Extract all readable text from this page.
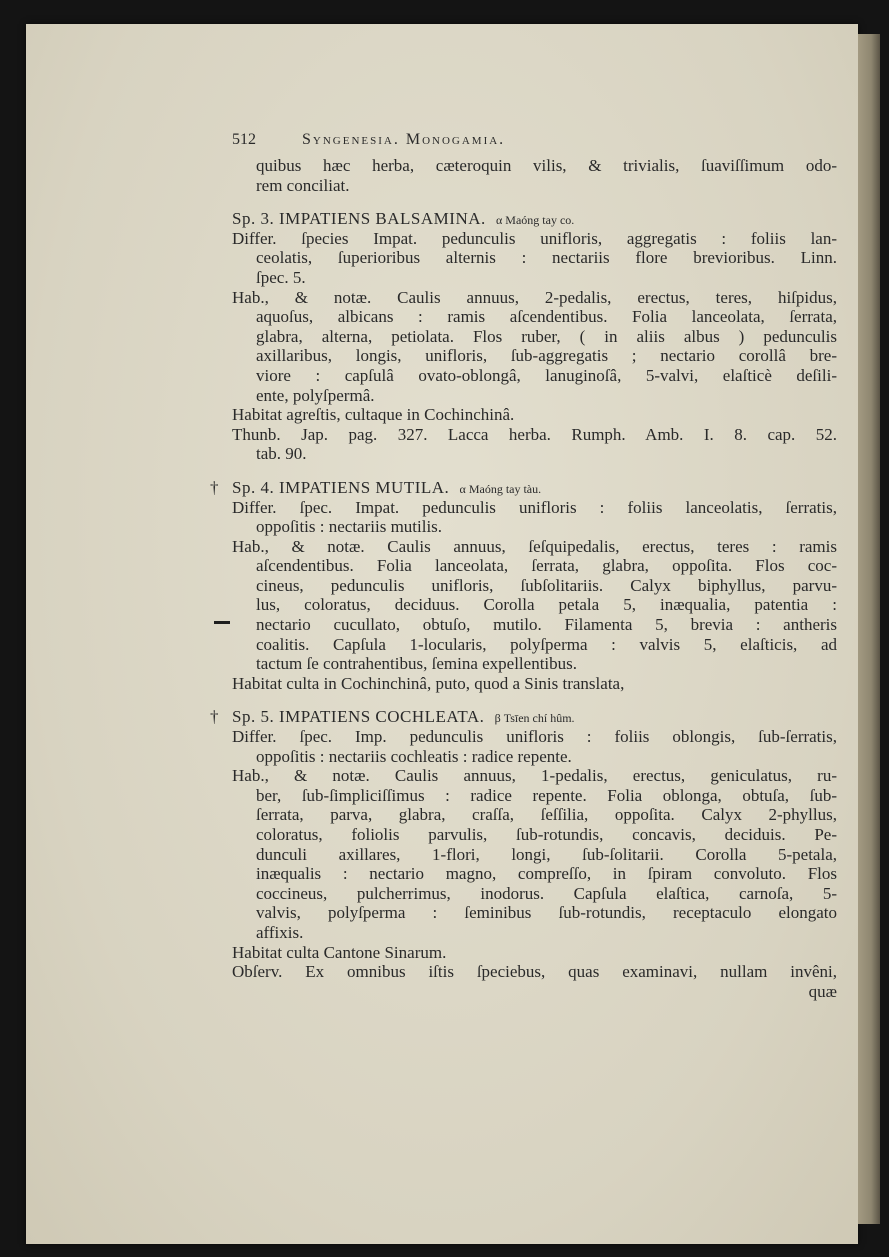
512	Syngenesia. Monogamia.
quibus hæc herba, cæteroquin vilis, & trivialis, ſuaviſſimum odo-
rem conciliat.
Sp. 3. IMPATIENS BALSAMINA. α Maóng tay co.
Differ. ſpecies Impat. pedunculis unifloris, aggregatis : foliis lan-
ceolatis, ſuperioribus alternis : nectariis flore brevioribus. Linn.
ſpec. 5.
Hab., & notæ. Caulis annuus, 2-pedalis, erectus, teres, hiſpidus,
aquoſus, albicans : ramis aſcendentibus. Folia lanceolata, ſerrata,
glabra, alterna, petiolata. Flos ruber, ( in aliis albus ) pedunculis
axillaribus, longis, unifloris, ſub-aggregatis ; nectario corollâ bre-
viore : capſulâ ovato-oblongâ, lanuginoſâ, 5-valvi, elaſticè deſili-
ente, polyſpermâ.
Habitat agreſtis, cultaque in Cochinchinâ.
Thunb. Jap. pag. 327. Lacca herba. Rumph. Amb. I. 8. cap. 52.
tab. 90.
† Sp. 4. IMPATIENS MUTILA. α Maóng tay tàu.
Differ. ſpec. Impat. pedunculis unifloris : foliis lanceolatis, ſerratis,
oppoſitis : nectariis mutilis.
Hab., & notæ. Caulis annuus, ſeſquipedalis, erectus, teres : ramis
aſcendentibus. Folia lanceolata, ſerrata, glabra, oppoſita. Flos coc-
cineus, pedunculis unifloris, ſubſolitariis. Calyx biphyllus, parvu-
lus, coloratus, deciduus. Corolla petala 5, inæqualia, patentia :
nectario cucullato, obtuſo, mutilo. Filamenta 5, brevia : antheris
coalitis. Capſula 1-locularis, polyſperma : valvis 5, elaſticis, ad
tactum ſe contrahentibus, ſemina expellentibus.
Habitat culta in Cochinchinâ, puto, quod a Sinis translata,
† Sp. 5. IMPATIENS COCHLEATA. β Tsīen chí hûm.
Differ. ſpec. Imp. pedunculis unifloris : foliis oblongis, ſub-ſerratis,
oppoſitis : nectariis cochleatis : radice repente.
Hab., & notæ. Caulis annuus, 1-pedalis, erectus, geniculatus, ru-
ber, ſub-ſimpliciſſimus : radice repente. Folia oblonga, obtuſa, ſub-
ſerrata, parva, glabra, craſſa, ſeſſilia, oppoſita. Calyx 2-phyllus,
coloratus, foliolis parvulis, ſub-rotundis, concavis, deciduis. Pe-
dunculi axillares, 1-flori, longi, ſub-ſolitarii. Corolla 5-petala,
inæqualis : nectario magno, compreſſo, in ſpiram convoluto. Flos
coccineus, pulcherrimus, inodorus. Capſula elaſtica, carnoſa, 5-
valvis, polyſperma : ſeminibus ſub-rotundis, receptaculo elongato
affixis.
Habitat culta Cantone Sinarum.
Obſerv. Ex omnibus iſtis ſpeciebus, quas examinavi, nullam invêni,
quæ
